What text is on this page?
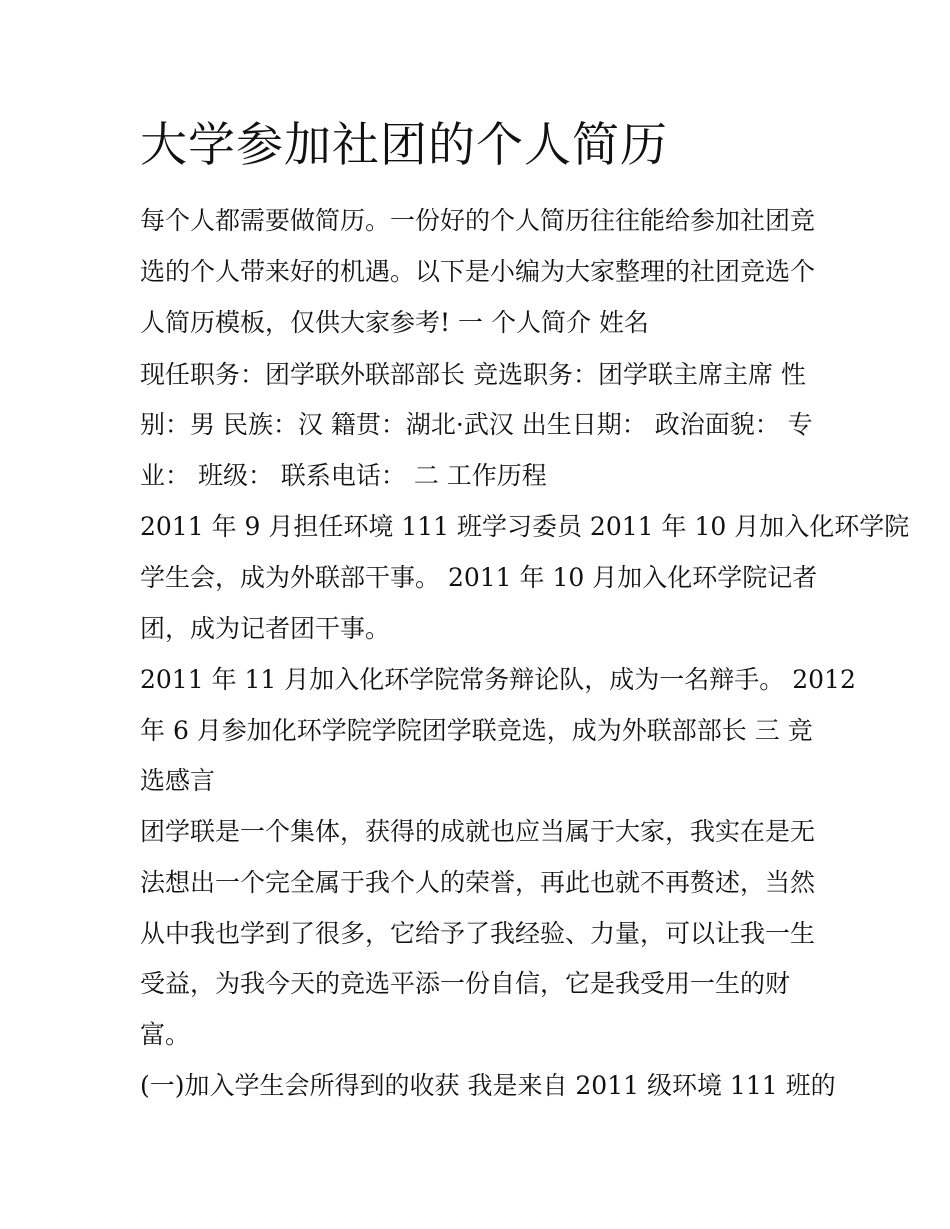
大学参加社团的个人简历

每个人都需要做简历。一份好的个人简历往往能给参加社团竞

选的个人带来好的机遇。以下是小编为大家整理的社团竞选个

人简历模板，仅供大家参考! 一 个人简介 姓名

现任职务：团学联外联部部长 竞选职务：团学联主席主席 性

别：男 民族：汉 籍贯：湖北·武汉 出生日期： 政治面貌： 专

业： 班级： 联系电话： 二 工作历程

2011 年 9 月担任环境 111 班学习委员 2011 年 10 月加入化环学院

学生会，成为外联部干事。 2011 年 10 月加入化环学院记者

团，成为记者团干事。

2011 年 11 月加入化环学院常务辩论队，成为一名辩手。 2012

年 6 月参加化环学院学院团学联竞选，成为外联部部长 三 竞

选感言

团学联是一个集体，获得的成就也应当属于大家，我实在是无

法想出一个完全属于我个人的荣誉，再此也就不再赘述，当然

从中我也学到了很多，它给予了我经验、力量，可以让我一生

受益，为我今天的竞选平添一份自信，它是我受用一生的财

富。

(一)加入学生会所得到的收获 我是来自 2011 级环境 111 班的
